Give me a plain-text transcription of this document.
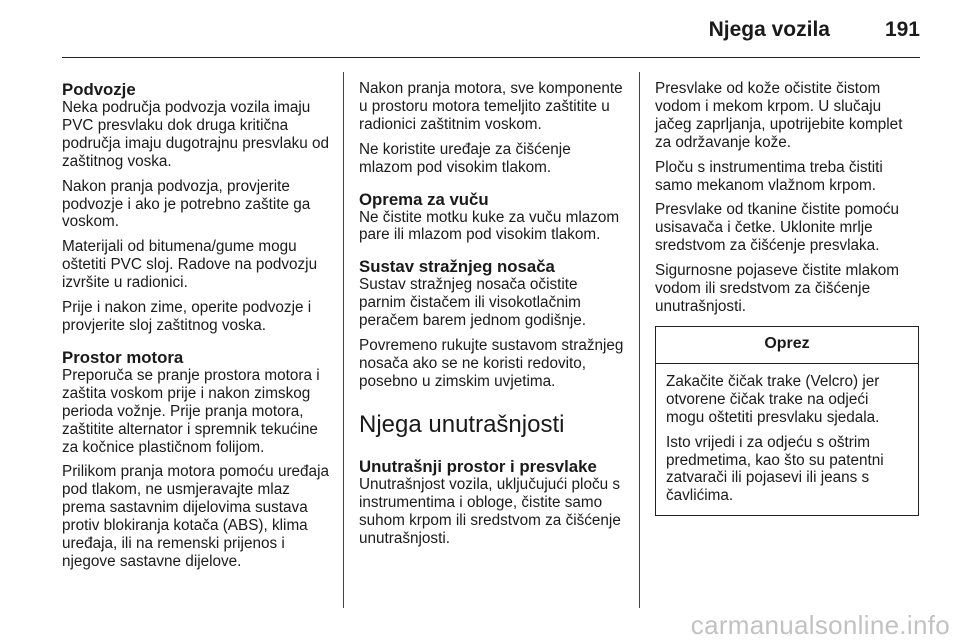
Njega vozila	191
Podvozje

Neka područja podvozja vozila imaju PVC presvlaku dok druga kritična područja imaju dugotrajnu presvlaku od zaštitnog voska.

Nakon pranja podvozja, provjerite podvozje i ako je potrebno zaštite ga voskom.

Materijali od bitumena/gume mogu oštetiti PVC sloj. Radove na podvozju izvršite u radionici.

Prije i nakon zime, operite podvozje i provjerite sloj zaštitnog voska.

Prostor motora

Preporuča se pranje prostora motora i zaštita voskom prije i nakon zimskog perioda vožnje. Prije pranja motora, zaštitite alternator i spremnik tekućine za kočnice plastičnom folijom.

Prilikom pranja motora pomoću uređaja pod tlakom, ne usmjeravajte mlaz prema sastavnim dijelovima sustava protiv blokiranja kotača (ABS), klima uređaja, ili na remenski prijenos i njegove sastavne dijelove.

Nakon pranja motora, sve komponente u prostoru motora temeljito zaštitite u radionici zaštitnim voskom.

Ne koristite uređaje za čišćenje mlazom pod visokim tlakom.

Oprema za vuču

Ne čistite motku kuke za vuču mlazom pare ili mlazom pod visokim tlakom.

Sustav stražnjeg nosača

Sustav stražnjeg nosača očistite parnim čistačem ili visokotlačnim peračem barem jednom godišnje.

Povremeno rukujte sustavom stražnjeg nosača ako se ne koristi redovito, posebno u zimskim uvjetima.

Njega unutrašnjosti
Unutrašnji prostor i presvlake

Unutrašnjost vozila, uključujući ploču s instrumentima i obloge, čistite samo suhom krpom ili sredstvom za čišćenje unutrašnjosti.

Presvlake od kože očistite čistom vodom i mekom krpom. U slučaju jačeg zaprljanja, upotrijebite komplet za održavanje kože.

Ploču s instrumentima treba čistiti samo mekanom vlažnom krpom.

Presvlake od tkanine čistite pomoću usisavača i četke. Uklonite mrlje sredstvom za čišćenje presvlaka.

Sigurnosne pojaseve čistite mlakom vodom ili sredstvom za čišćenje unutrašnjosti.

Oprez

Zakačite čičak trake (Velcro) jer otvorene čičak trake na odjeći mogu oštetiti presvlaku sjedala.

Isto vrijedi i za odjeću s oštrim predmetima, kao što su patentni zatvarači ili pojasevi ili jeans s čavlićima.

carmanualsonline.info
